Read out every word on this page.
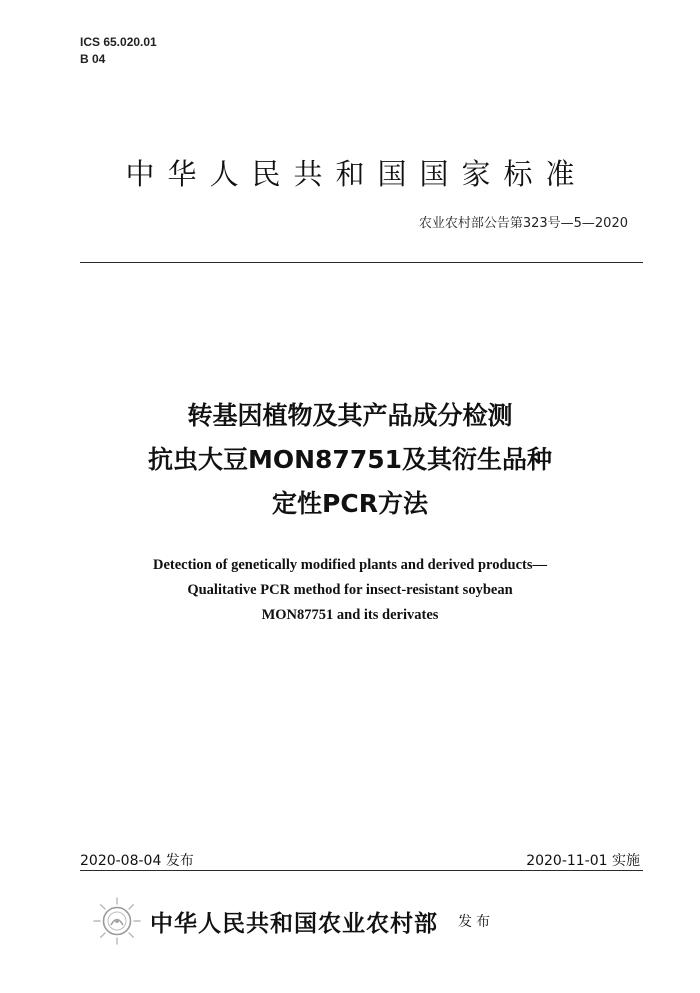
ICS 65.020.01
B 04
中华人民共和国国家标准
农业农村部公告第323号—5—2020
转基因植物及其产品成分检测
抗虫大豆MON87751及其衍生品种
定性PCR方法
Detection of genetically modified plants and derived products—
Qualitative PCR method for insect-resistant soybean
MON87751 and its derivates
2020-08-04 发布	2020-11-01 实施
中华人民共和国农业农村部 发布
